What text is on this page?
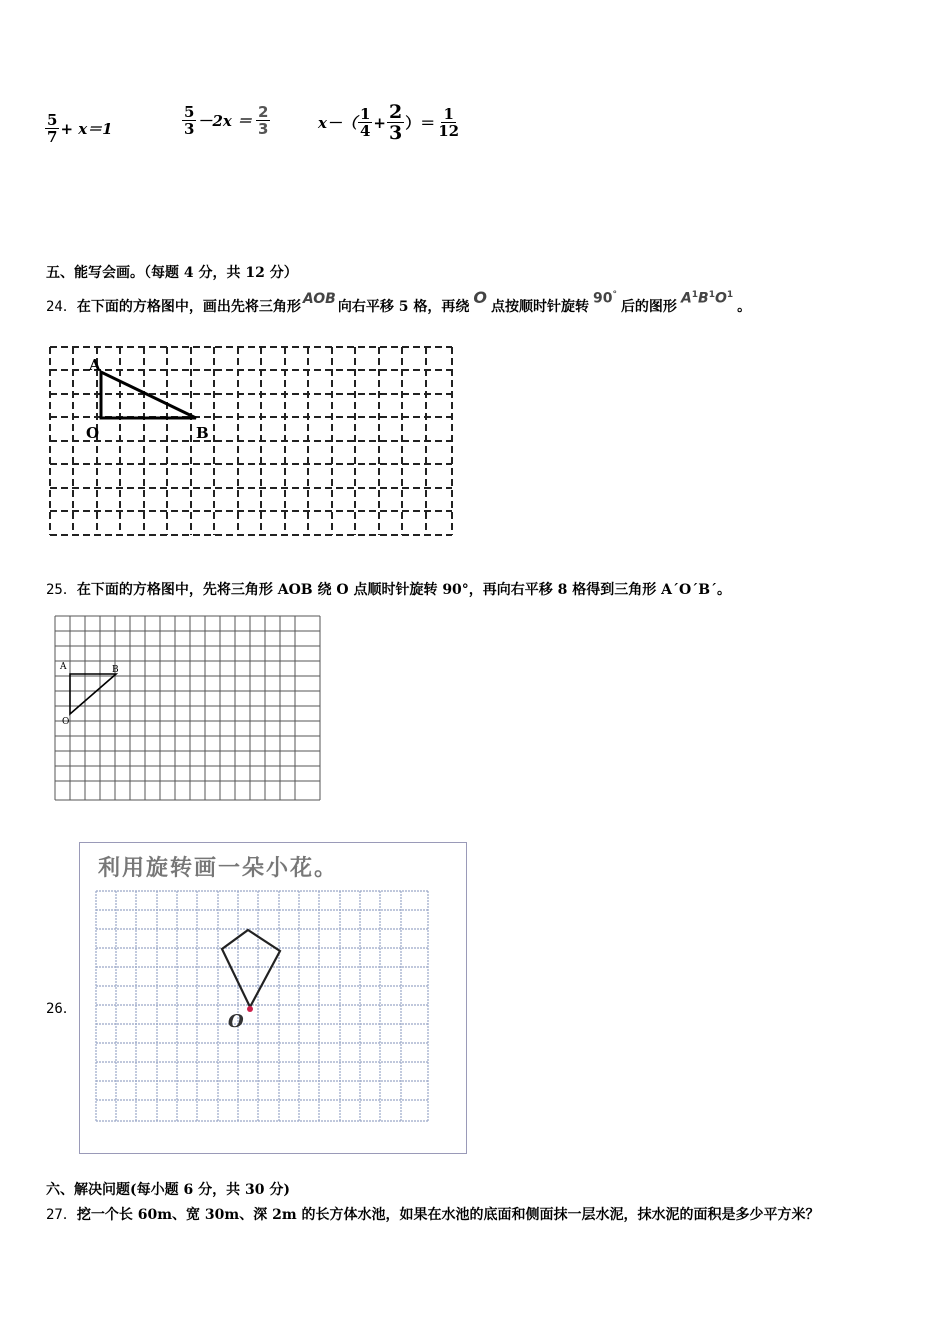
$\frac{5}{7} + x=1$	$\frac{5}{3} -2x = \frac{2}{3}$	$x-( \frac{1}{4} + \frac{2}{3}$ ）＝ $\frac{1}{12}$
五、能写会画。（每题 4 分，共 12 分）
24． 在下面的方格图中，画出先将三角形 AOB 向右平移 5 格，再绕 O 点按顺时针旋转 90°
后的图形 $A^1B^1O^1$
。
A
O	B
25．在下面的方格图中，先将三角形 AOB 绕 O 点顺时针旋转 90°，再向右平移 8 格得到三角形 A´O´B´。
A	B
O
26．
利用旋转画一朵小花。
O
六、解决问题(每小题 6 分，共 30 分)
27．挖一个长 60m、宽 30m、深 2m 的长方体水池，如果在水池的底面和侧面抹一层水泥，抹水泥的面积是多少平方米？
